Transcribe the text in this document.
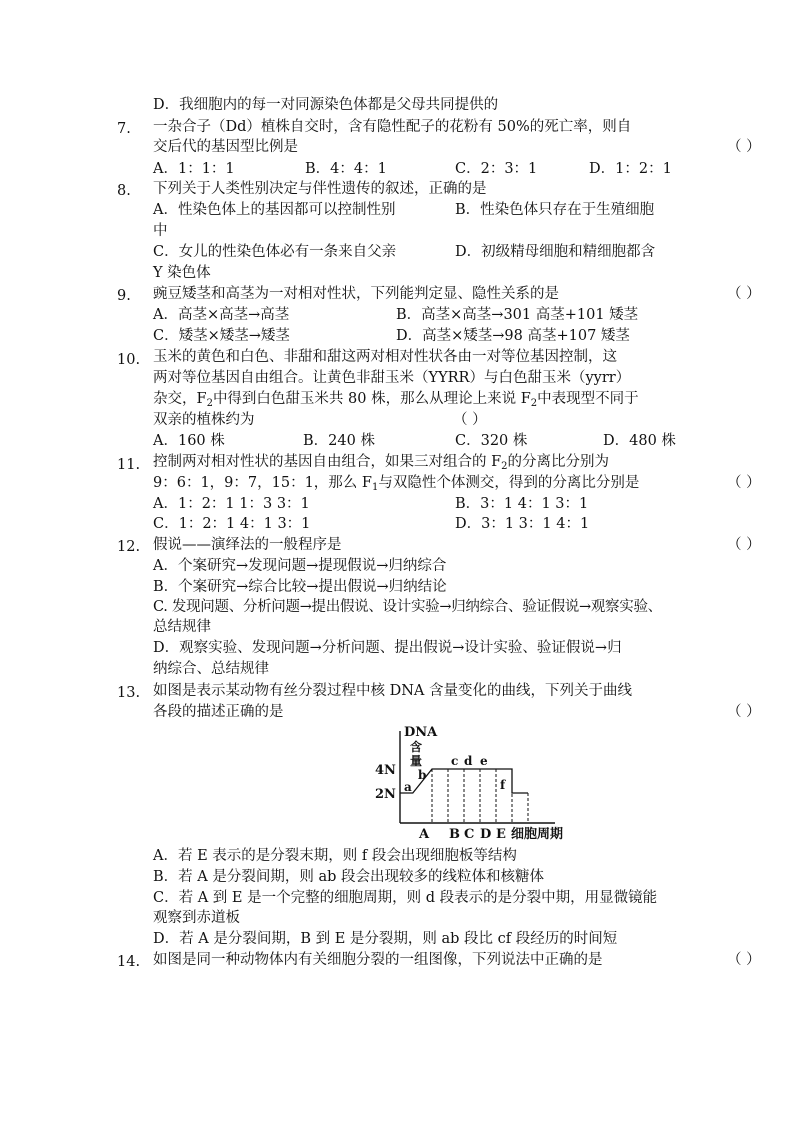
D．我细胞内的每一对同源染色体都是父母共同提供的
7. 一杂合子（Dd）植株自交时，含有隐性配子的花粉有 50%的死亡率，则自
交后代的基因型比例是	（ ）
A．1：1：1	B．4：4：1	C．2：3：1	D．1：2：1
8. 下列关于人类性别决定与伴性遗传的叙述，正确的是
A．性染色体上的基因都可以控制性别	B．性染色体只存在于生殖细胞
中
C．女儿的性染色体必有一条来自父亲	D．初级精母细胞和精细胞都含
Y 染色体
9. 豌豆矮茎和高茎为一对相对性状，下列能判定显、隐性关系的是	（ ）
A．高茎×高茎→高茎	B．高茎×高茎→301 高茎+101 矮茎
C．矮茎×矮茎→矮茎	D．高茎×矮茎→98 高茎+107 矮茎
10. 玉米的黄色和白色、非甜和甜这两对相对性状各由一对等位基因控制，这
两对等位基因自由组合。让黄色非甜玉米（YYRR）与白色甜玉米（yyrr）
杂交，$F_2$中得到白色甜玉米共 80 株，那么从理论上来说 $F_2$中表现型不同于
双亲的植株约为	（ ）
A．160 株	B．240 株	C．320 株	D．480 株
11. 控制两对相对性状的基因自由组合，如果三对组合的 $F_2$的分离比分别为
9：6：1，9：7，15：1，那么 $F_1$与双隐性个体测交，得到的分离比分别是	（ ）
A．1：2：1 1：3 3：1	B．3：1 4：1 3：1
C．1：2：1 4：1 3：1	D．3：1 3：1 4：1
12. 假说——演绎法的一般程序是	（ ）
A．个案研究→发现问题→提现假说→归纳综合
B．个案研究→综合比较→提出假说→归纳结论
C. 发现问题、分析问题→提出假说、设计实验→归纳综合、验证假说→观察实验、
总结规律
D．观察实验、发现问题→分析问题、提出假说→设计实验、验证假说→归
纳综合、总结规律
13. 如图是表示某动物有丝分裂过程中核 DNA 含量变化的曲线，下列关于曲线
各段的描述正确的是	（ ）
DNA
含
量
4N
2N a
b
c d e
f
A B C D E 细胞周期
A．若 E 表示的是分裂末期，则 f 段会出现细胞板等结构
B．若 A 是分裂间期，则 ab 段会出现较多的线粒体和核糖体
C．若 A 到 E 是一个完整的细胞周期，则 d 段表示的是分裂中期，用显微镜能
观察到赤道板
D．若 A 是分裂间期，B 到 E 是分裂期，则 ab 段比 cf 段经历的时间短
14. 如图是同一种动物体内有关细胞分裂的一组图像，下列说法中正确的是	（ ）
